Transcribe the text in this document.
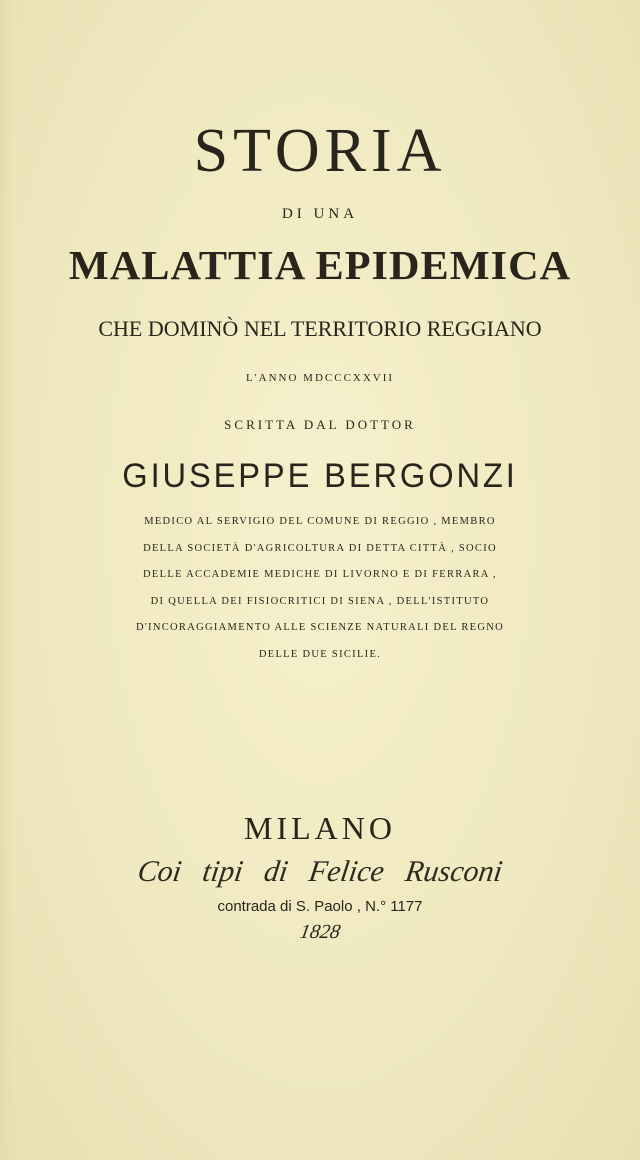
STORIA
DI UNA
MALATTIA EPIDEMICA
CHE DOMINÒ NEL TERRITORIO REGGIANO
L'ANNO MDCCCXXVII
SCRITTA DAL DOTTOR
GIUSEPPE BERGONZI
MEDICO AL SERVIGIO DEL COMUNE DI REGGIO , MEMBRO
DELLA SOCIETÀ D'AGRICOLTURA DI DETTA CITTÀ , SOCIO
DELLE ACCADEMIE MEDICHE DI LIVORNO E DI FERRARA ,
DI QUELLA DEI FISIOCRITICI DI SIENA , DELL'ISTITUTO
D'INCORAGGIAMENTO ALLE SCIENZE NATURALI DEL REGNO
DELLE DUE SICILIE.
MILANO
Coi tipi di Felice Rusconi
contrada di S. Paolo , N.° 1177
1828
